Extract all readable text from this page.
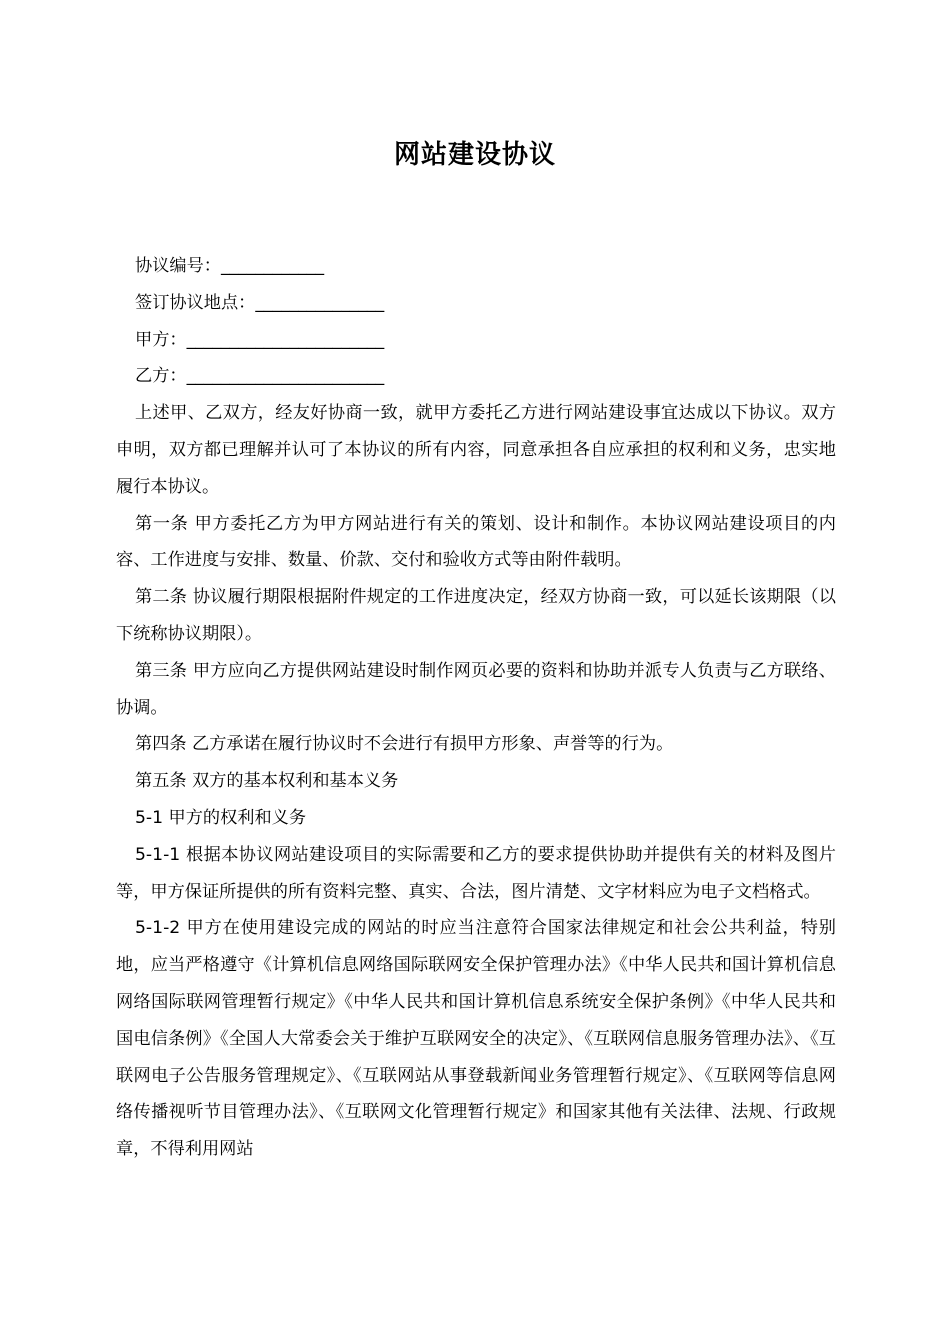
网站建设协议

协议编号：____________

签订协议地点：_______________

甲方：_______________________

乙方：_______________________

上述甲、乙双方，经友好协商一致，就甲方委托乙方进行网站建设事宜达成以下协议。双方申明，双方都已理解并认可了本协议的所有内容，同意承担各自应承担的权利和义务，忠实地履行本协议。

第一条 甲方委托乙方为甲方网站进行有关的策划、设计和制作。本协议网站建设项目的内容、工作进度与安排、数量、价款、交付和验收方式等由附件载明。

第二条 协议履行期限根据附件规定的工作进度决定，经双方协商一致，可以延长该期限（以下统称协议期限）。

第三条 甲方应向乙方提供网站建设时制作网页必要的资料和协助并派专人负责与乙方联络、协调。

第四条 乙方承诺在履行协议时不会进行有损甲方形象、声誉等的行为。

第五条 双方的基本权利和基本义务

5-1 甲方的权利和义务

5-1-1 根据本协议网站建设项目的实际需要和乙方的要求提供协助并提供有关的材料及图片等，甲方保证所提供的所有资料完整、真实、合法，图片清楚、文字材料应为电子文档格式。

5-1-2 甲方在使用建设完成的网站的时应当注意符合国家法律规定和社会公共利益，特别地，应当严格遵守《计算机信息网络国际联网安全保护管理办法》《中华人民共和国计算机信息网络国际联网管理暂行规定》《中华人民共和国计算机信息系统安全保护条例》《中华人民共和国电信条例》《全国人大常委会关于维护互联网安全的决定》、《互联网信息服务管理办法》、《互联网电子公告服务管理规定》、《互联网站从事登载新闻业务管理暂行规定》、《互联网等信息网络传播视听节目管理办法》、《互联网文化管理暂行规定》和国家其他有关法律、法规、行政规章，不得利用网站
